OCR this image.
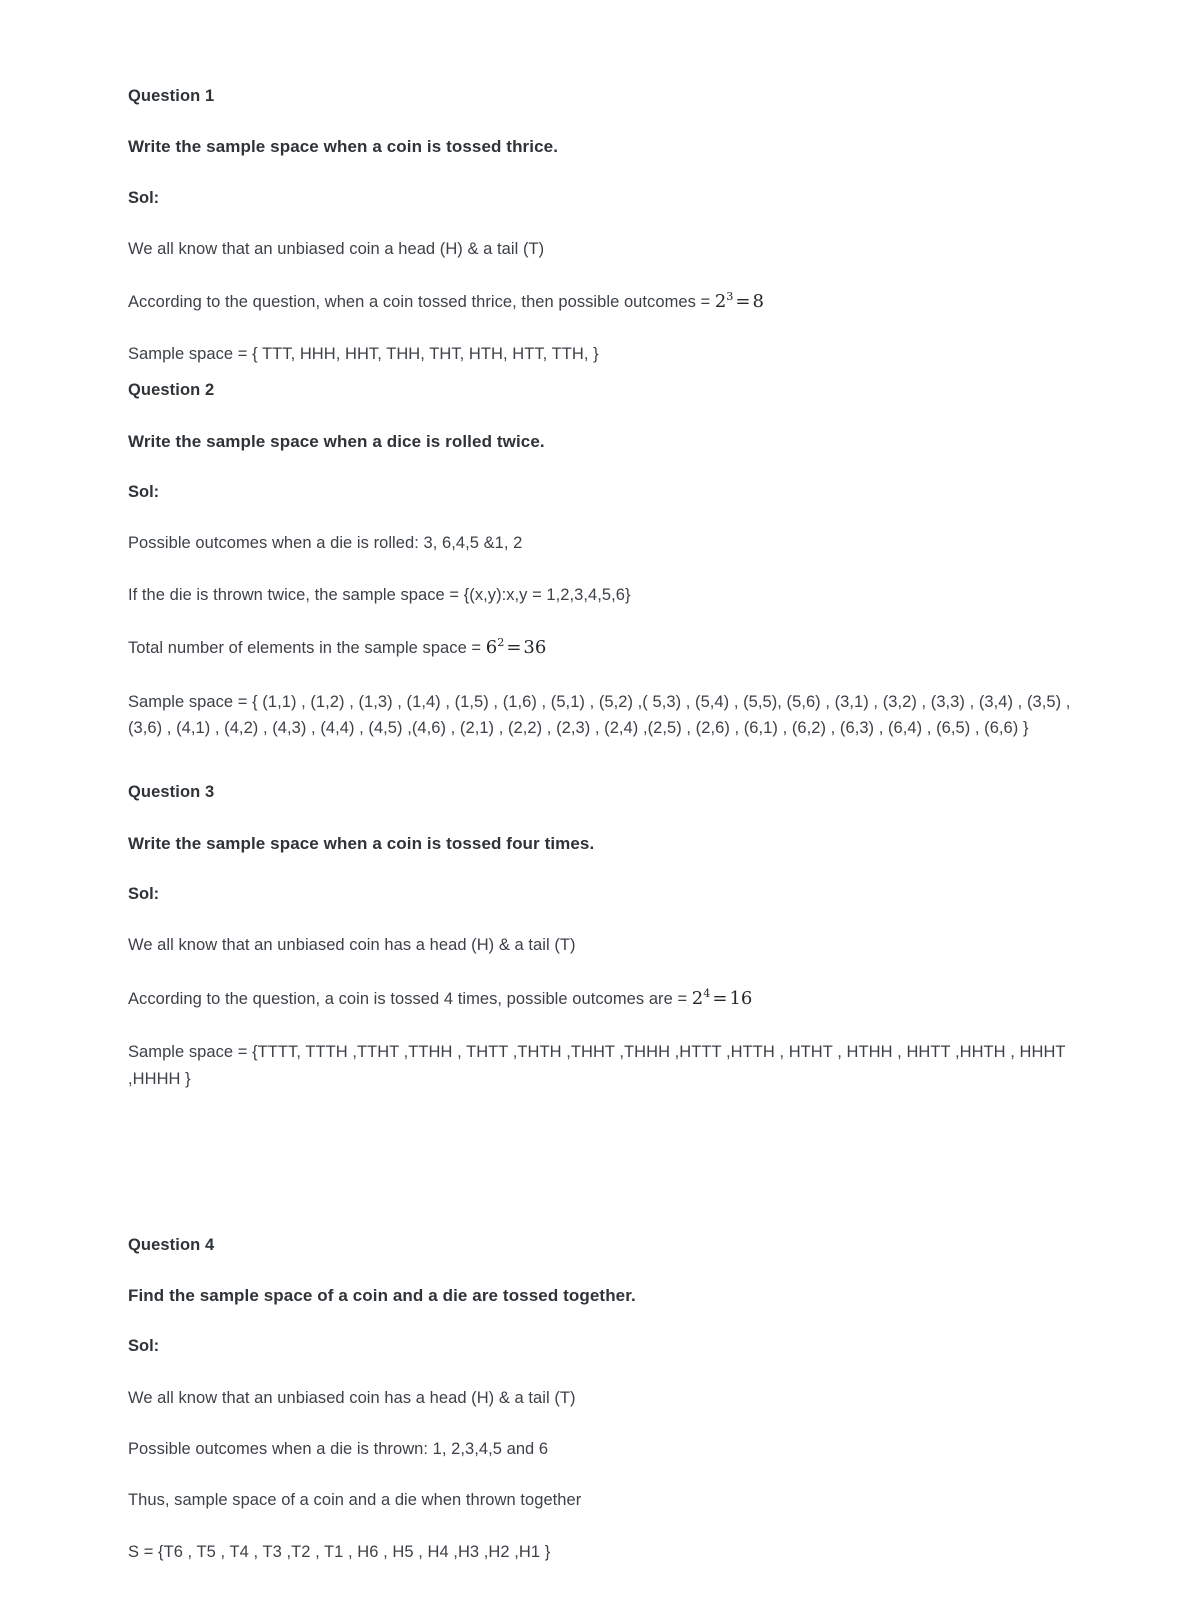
Question 1

Write the sample space when a coin is tossed thrice.

Sol:

We all know that an unbiased coin a head (H) & a tail (T)

According to the question, when a coin tossed thrice, then possible outcomes = $2^3 = 8$

Sample space = { TTT, HHH, HHT, THH, THT, HTH, HTT, TTH, }

Question 2

Write the sample space when a dice is rolled twice.

Sol:

Possible outcomes when a die is rolled: 3, 6,4,5 &1, 2

If the die is thrown twice, the sample space = {(x,y):x,y = 1,2,3,4,5,6}

Total number of elements in the sample space = $6^2 = 36$

Sample space = { (1,1) , (1,2) , (1,3) , (1,4) , (1,5) , (1,6) , (5,1) , (5,2) ,( 5,3) , (5,4) , (5,5), (5,6) , (3,1) , (3,2) , (3,3) , (3,4) , (3,5) , (3,6) , (4,1) , (4,2) , (4,3) , (4,4) , (4,5) ,(4,6) , (2,1) , (2,2) , (2,3) , (2,4) ,(2,5) , (2,6) , (6,1) , (6,2) , (6,3) , (6,4) , (6,5) , (6,6) }

Question 3

Write the sample space when a coin is tossed four times.

Sol:

We all know that an unbiased coin has a head (H) & a tail (T)

According to the question, a coin is tossed 4 times, possible outcomes are = $2^4 = 16$

Sample space = {TTTT, TTTH ,TTHT ,TTHH , THTT ,THTH ,THHT ,THHH ,HTTT ,HTTH , HTHT , HTHH , HHTT ,HHTH , HHHT ,HHHH }

Question 4

Find the sample space of a coin and a die are tossed together.

Sol:

We all know that an unbiased coin has a head (H) & a tail (T)

Possible outcomes when a die is thrown: 1, 2,3,4,5 and 6

Thus, sample space of a coin and a die when thrown together

S = {T6 , T5 , T4 , T3 ,T2 , T1 , H6 , H5 , H4 ,H3 ,H2 ,H1 }
